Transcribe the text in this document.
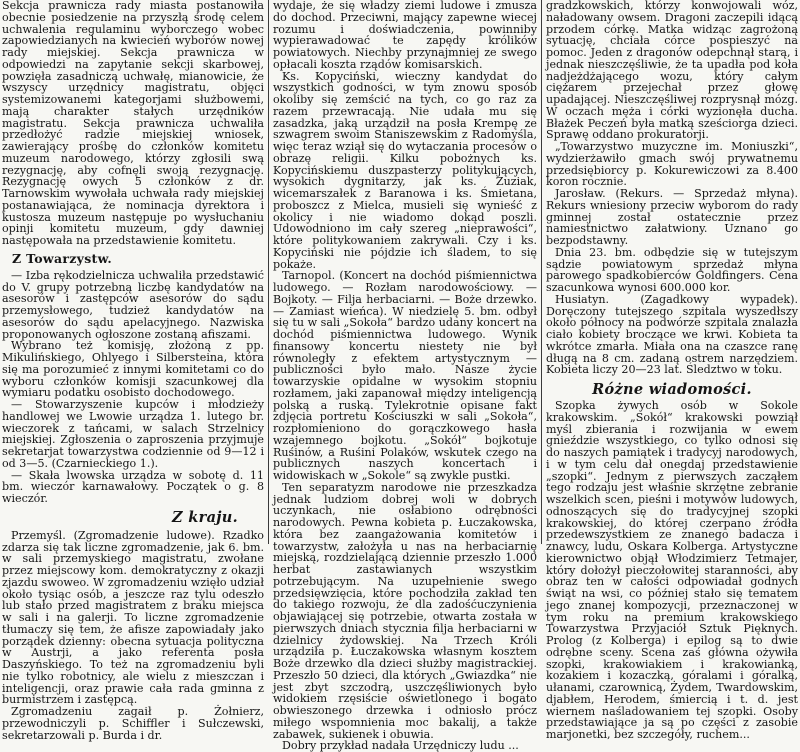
Sekcja prawnicza rady miasta postanowiła obecnie posiedzenie na przyszłą środę celem uchwalenia regulaminu wyborczego wobec zapowiedzianych na kwiecień wyborów nowej rady miejskiej. Sekcja prawnicza w odpowiedzi na zapytanie sekcji skarbowej, powzięła zasadniczą uchwałę, mianowicie, że wszyscy urzędnicy magistratu, objęci systemizowanemi kategorjami służbowemi, mają charakter stałych urzędników magistratu. Sekcja prawnicza uchwaliła przedłożyć radzie miejskiej wniosek, zawierający prośbę do członków komitetu muzeum narodowego, którzy zgłosili swą rezygnację, aby cofnęli swoją rezygnację. Rezygnację owych 5 członków z dr. Tarnowskim wywołała uchwała rady miejskiej postanawiająca, że nominacja dyrektora i kustosza muzeum następuje po wysłuchaniu opinji komitetu muzeum, gdy dawniej następowała na przedstawienie komitetu.

Z Towarzystw.

— Izba rękodzielnicza uchwaliła przedstawić do V. grupy potrzebną liczbę kandydatów na asesorów i zastępców asesorów do sądu przemysłowego, tudzież kandydatów na asesorów do sądu apelacyjnego. Nazwiska proponowanych ogłoszone zostaną afiszami.

Wybrano też komisję, złożoną z pp. Mikulińskiego, Ohlyego i Silbersteina, która się ma porozumieć z innymi komitetami co do wyboru członków komisji szacunkowej dla wymiaru podatku osobisto dochodowego.

— Stowarzyszenie kupców i młodzieży handlowej we Lwowie urządza 1. lutego br. wieczorek z tańcami, w salach Strzelnicy miejskiej. Zgłoszenia o zaproszenia przyjmuje sekretarjat towarzystwa codziennie od 9—12 i od 3—5. (Czarnieckiego 1.).

— Skała lwowska urządza w sobotę d. 11 bm. wieczór karnawałowy. Początek o g. 8 wieczór.

Z kraju.

Przemyśl. (Zgromadzenie ludowe). Rzadko zdarza się tak liczne zgromadzenie, jak 6. bm. w sali przemyskiego magistratu, zwołane przez miejscowy kom. demokratyczny z okazji zjazdu swoweo. W zgromadzeniu wzięło udział około tysiąc osób, a jeszcze raz tylu odeszło lub stało przed magistratem z braku miejsca w sali i na galerji. To liczne zgromadzenie tłumaczy się tem, że afisze zapowiadały jako porządek dzienny: obecna sytuacja polityczna w Austrji, a jako referenta posła Daszyńskiego. To też na zgromadzeniu byli nie tylko robotnicy, ale wielu z mieszczan i inteligencji, oraz prawie cała rada gminna z burmistrzem i zastępcą.

Zgromadzeniu zagaił p. Żołnierz, przewodniczyli p. Schiffler i Sułczewski, sekretarzowali p. Burda i dr.

wydaje, że się władzy ziemi ludowe i zmusza do dochod. Przeciwni, mający zapewne wiecej rozumu i doświadczenia, powinniby wypierawadować te zapędy królików powiatowych. Niechby przynajmniej ze swego opłacali koszta rządów komisarskich.

Ks. Kopyciński, wieczny kandydat do wszystkich godności, w tym znowu sposób okoliby się zemścić na tych, co go raz za razem przewracają. Nie udała mu się zasadzka, jaką urządził na posła Krempę ze szwagrem swoim Staniszewskim z Radomyśla, więc teraz wziął się do wytaczania procesów o obrazę religii. Kilku pobożnych ks. Kopycińskiemu duszpasterzy politykujących, wysokich dygnitarzy, jak ks. Zuziak, wicemarszałek z Baranowa i ks. Śmietana, proboszcz z Mielca, musieli się wynieść z okolicy i nie wiadomo dokąd poszli. Udowodniono im cały szereg „nieprawości“, które politykowaniem zakrywali. Czy i ks. Kopyciński nie pójdzie ich śladem, to się pokaże.

Tarnopol. (Koncert na dochód piśmiennictwa ludowego. — Rozłam narodowościowy. — Bojkoty. — Filja herbaciarni. — Boże drzewko. — Zamiast wieńca). W niedzielę 5. bm. odbył się tu w sali „Sokoła“ bardzo udany koncert na dochód piśmiennictwa ludowego. Wynik finansowy koncertu niestety nie był równoległy z efektem artystycznym — publiczności było mało. Nasze życie towarzyskie opidalne w wysokim stopniu rozłamem, jaki zapanował między inteligencją polską a ruską. Tylekrotnie opisane fakt zdjęcia portretu Kościuszki w sali „Sokoła“, rozpłomieniono do gorączkowego hasła wzajemnego bojkotu. „Sokół“ bojkotuje Ruśinów, a Ruśini Polaków, wskutek czego na publicznych naszych koncertach i widowiskach w „Sokole“ są zwykle pustki.

Ten separatyzm narodowe nie przeszkadza jednak ludziom dobrej woli w dobrych uczynkach, nie osłabiono odrębności narodowych. Pewna kobieta p. Łuczakowska, która bez zaangażowania komitetów i towarzystw, założyła u nas na herbaciarnię miejską, rozdzielającą dziennie przeszło 1.000 herbat zastawianych wszystkim potrzebującym. Na uzupełnienie swego przedsięwzięcia, które pochodziła zakład ten do takiego rozwoju, że dla zadośćuczynienia objawiającej się potrzebie, otwarta została w pierwszych dniach stycznia filja herbaciarni w dzielnicy żydowskiej. Na Trzech Króli urządziła p. Łuczakowska własnym kosztem Boże drzewko dla dzieci służby magistrackiej. Przeszło 50 dzieci, dla których „Gwiazdka“ nie jest zbyt szczodrą, uszczęśliwionych było widokiem rzęsiście oświetlonego i bogato obwieszonego drzewka i odniosło prócz miłego wspomnienia moc bakalij, a także zabawek, sukienek i obuwia.

Dobry przykład nadała Urzędniczy ludu ...

gradzkowskich, którzy konwojowali wóz, naładowany owsem. Dragoni zaczepili idącą przodem córkę. Matka widząc zagrożoną sytuację, chciała córce pospieszyć na pomoc. Jeden z dragonów odepchnął starą, i jednak nieszczęśliwie, że ta upadła pod koła nadjeżdżającego wozu, który całym ciężarem przejechał przez głowę upadającej. Nieszczęśliwej rozprysnął mózg. W oczach męża i córki wyzionęła ducha. Błażek Peczeń była matką sześciorga dzieci. Sprawę oddano prokuratorji.

„Towarzystwo muzyczne im. Moniuszki“, wydzierżawiło gmach swój prywatnemu przedsiębiorcy p. Kokurewiczowi za 8.400 koron rocznie.

Jarosław. (Rekurs. — Sprzedaż młyna). Rekurs wniesiony przeciw wyborom do rady gminnej został ostatecznie przez namiestnictwo załatwiony. Uznano go bezpodstawny.

Dnia 23. bm. odbędzie się w tutejszym sądzie powiatowym sprzedaż młyna parowego spadkobierców Goldfingers. Cena szacunkowa wynosi 600.000 kor.

Husiatyn. (Zagadkowy wypadek). Doręczony tutejszego szpitala wyszedłszy około północy na podwórze szpitala znalazła ciało kobiety broczące we krwi. Kobieta ta wkrótce zmarła. Miała ona na czaszce ranę długą na 8 cm. zadaną ostrem narzędziem. Kobieta liczy 20—23 lat. Śledztwo w toku.

Różne wiadomości.

Szopka żywych osób w Sokole krakowskim. „Sokół“ krakowski powziął myśl zbierania i rozwijania w ewem gnieździe wszystkiego, co tylko odnosi się do naszych pamiątek i tradycyj narodowych, i w tym celu dał onegdaj przedstawienie „szopki“. Jednym z pierwszych zacząłem tego rodzaju jest właśnie skrzętne zebranie wszelkich scen, pieśni i motywów ludowych, odnoszących się do tradycyjnej szopki krakowskiej, do której czerpano źródła przedewszystkiem ze znanego badacza i znawcy, ludu, Oskara Kolberga. Artystyczne kierownictwo objął Włodzimierz Tetmajer, który dołożył pieczołowitej staranności, aby obraz ten w całości odpowiadał godnych świąt na wsi, co później stało się tematem jego znanej kompozycji, przeznaczonej w tym roku na premium krakowskiego Towarzystwa Przyjaciół Sztuk Pięknych. Prolog (z Kolberga) i epilog są to dwie odrębne sceny. Scena zaś główna ożywiła szopki, krakowiakiem i krakowianką, kozakiem i kozaczką, góralami i góralką, ułanami, czarownicą, Żydem, Twardowskim, djabłem, Herodem, śmiercią i t. d. jest wiernem naśladowaniem tej szopki. Osoby przedstawiające ja są po części z zasobie marjonetki, bez szczegóły, ruchem...
